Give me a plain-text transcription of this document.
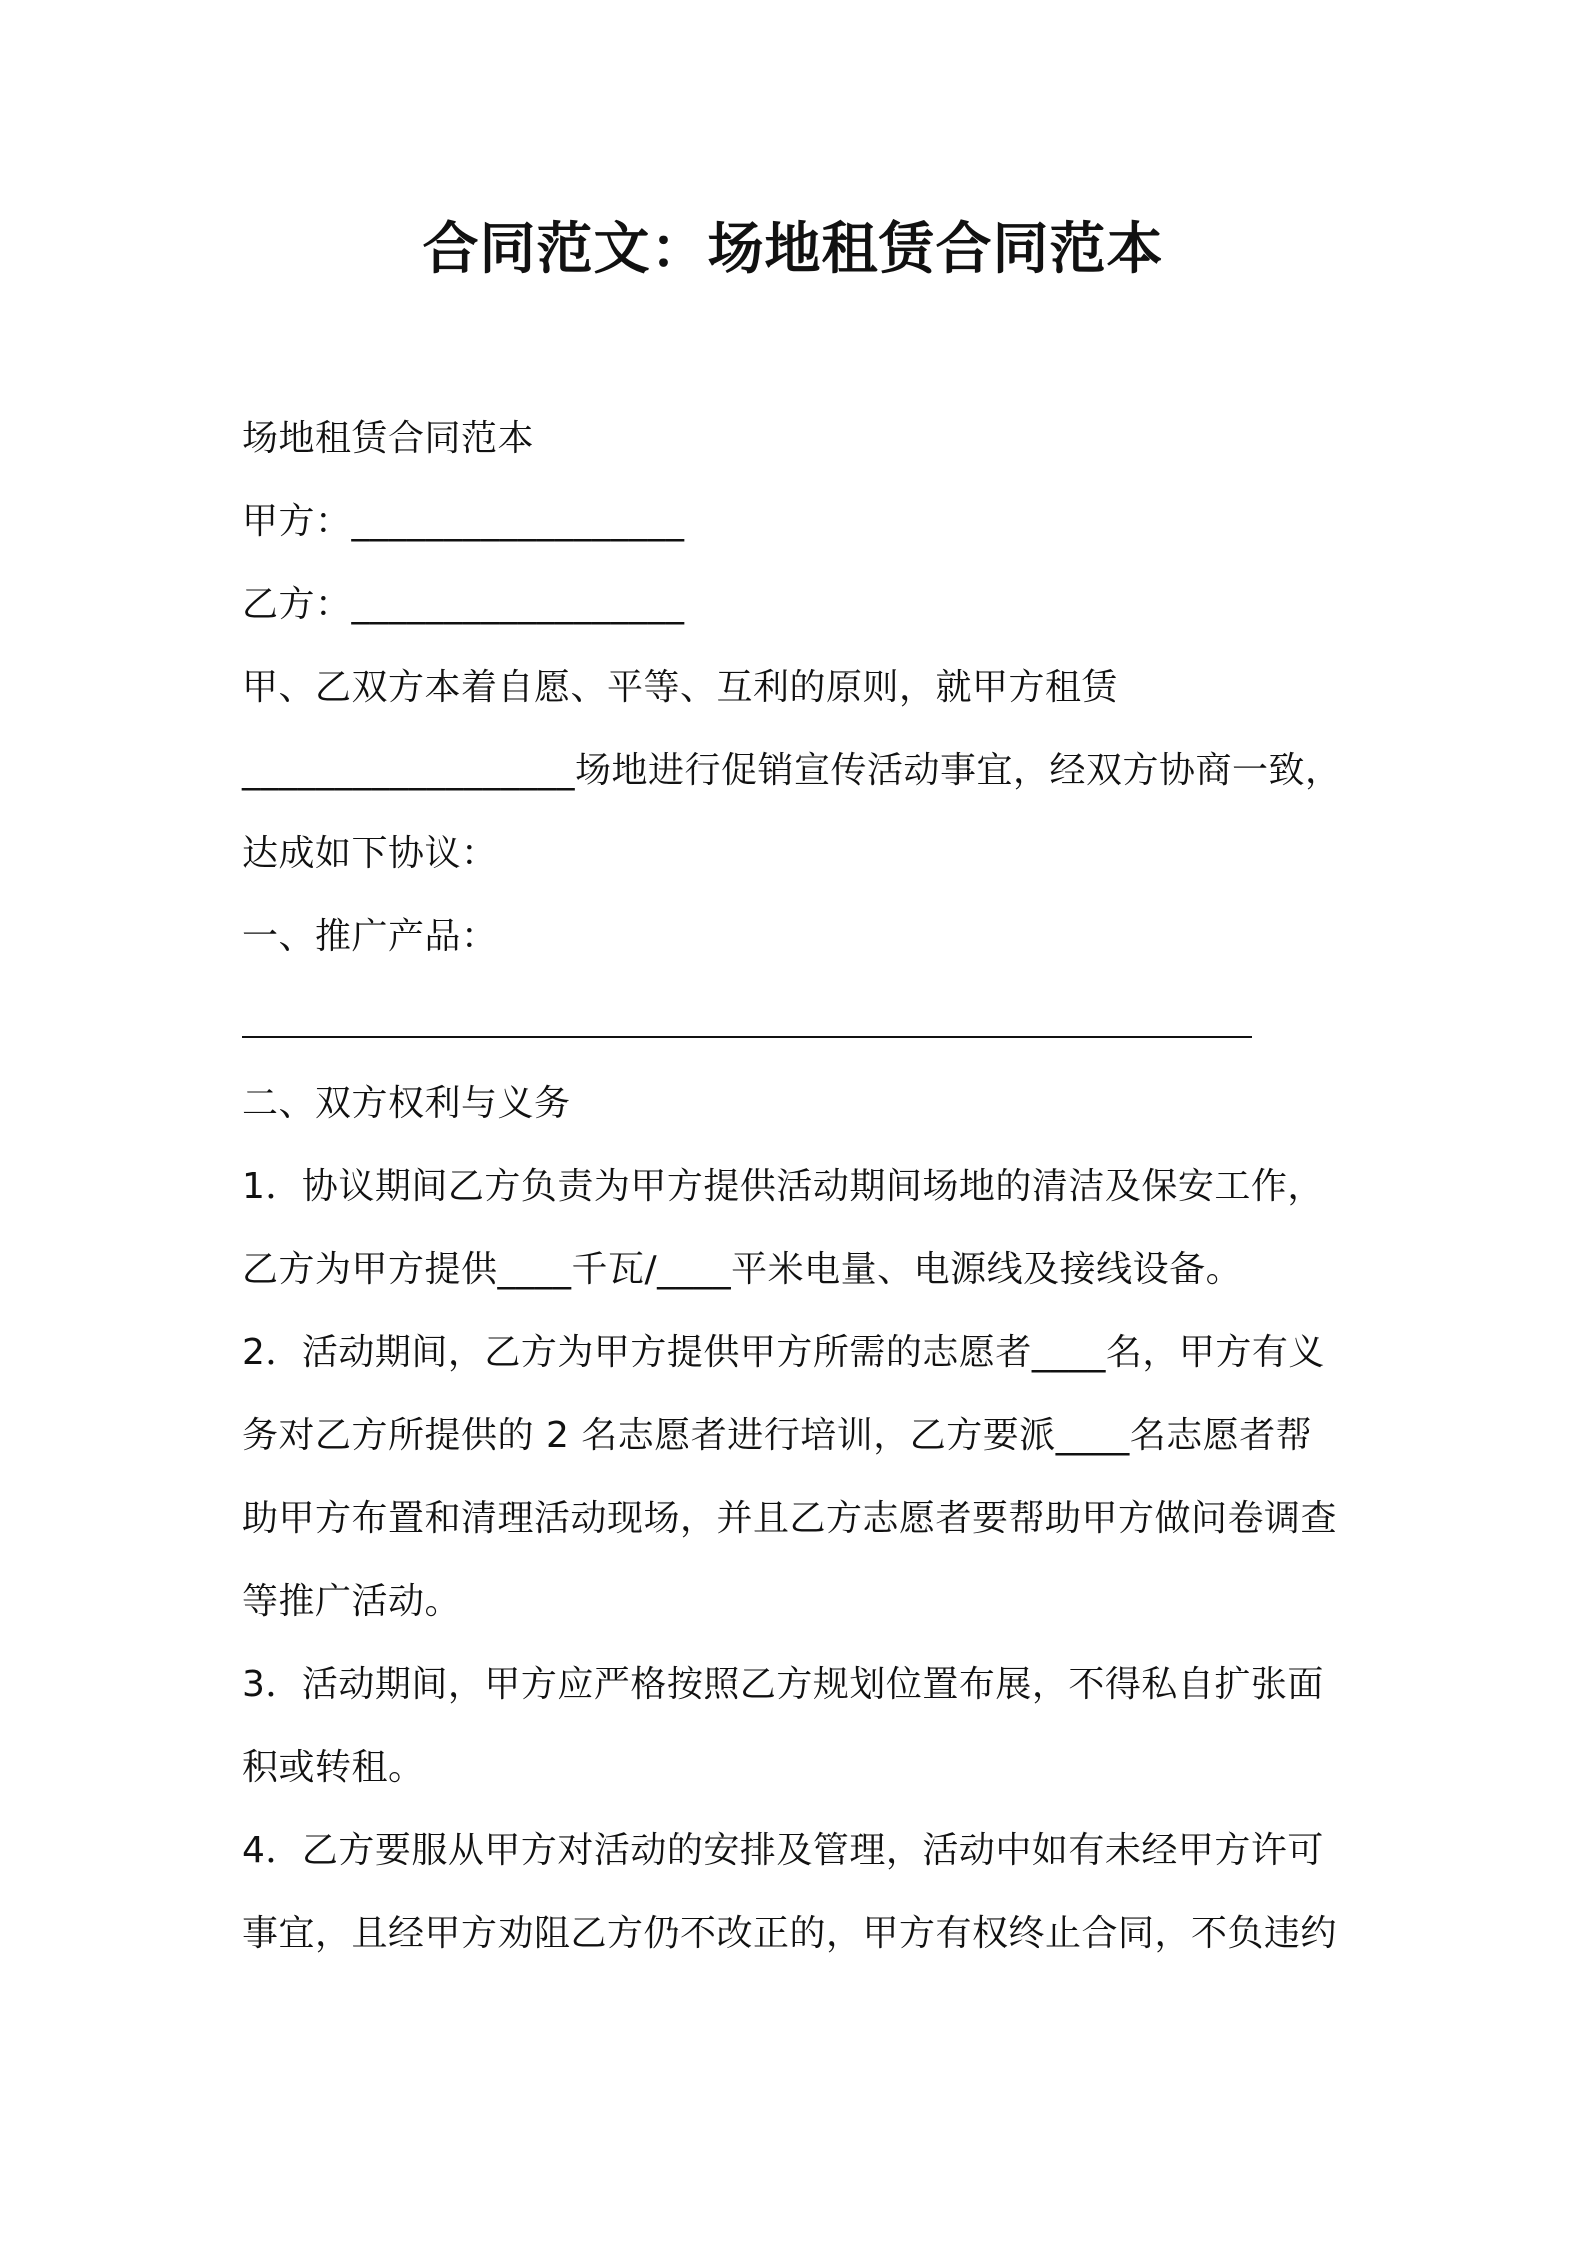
合同范文：场地租赁合同范本
场地租赁合同范本
甲方：__________________
乙方：__________________
甲、乙双方本着自愿、平等、互利的原则，就甲方租赁
__________________场地进行促销宣传活动事宜，经双方协商一致，
达成如下协议：
一、推广产品：
二、双方权利与义务
1．协议期间乙方负责为甲方提供活动期间场地的清洁及保安工作，
乙方为甲方提供____千瓦/____平米电量、电源线及接线设备。
2．活动期间，乙方为甲方提供甲方所需的志愿者____名，甲方有义
务对乙方所提供的 2 名志愿者进行培训，乙方要派____名志愿者帮
助甲方布置和清理活动现场，并且乙方志愿者要帮助甲方做问卷调查
等推广活动。
3．活动期间，甲方应严格按照乙方规划位置布展，不得私自扩张面
积或转租。
4．乙方要服从甲方对活动的安排及管理，活动中如有未经甲方许可
事宜，且经甲方劝阻乙方仍不改正的，甲方有权终止合同，不负违约
